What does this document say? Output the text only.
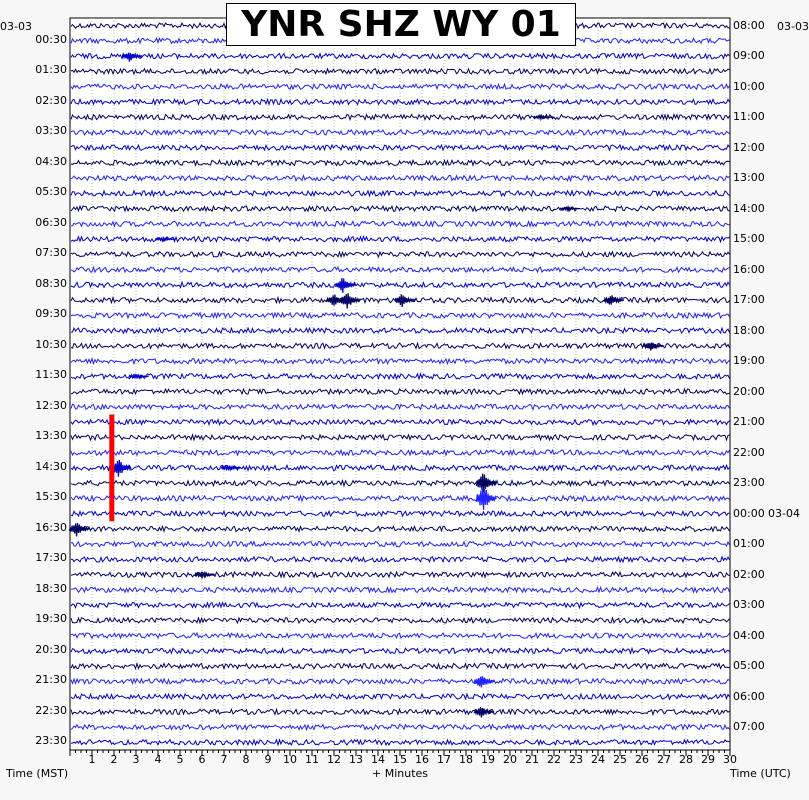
YNR SHZ WY 01
03-03	03-03
00:30
01:30
02:30
03:30
04:30
05:30
06:30
07:30
08:30
09:30
10:30
11:30
12:30
13:30
14:30
15:30
16:30
17:30
18:30
19:30
20:30
21:30
22:30
23:30
08:00
09:00
10:00
11:00
12:00
13:00
14:00
15:00
16:00
17:00
18:00
19:00
20:00
21:00
22:00
23:00
00:00
01:00
02:00
03:00
04:00
05:00
06:00
07:00
03-04
1	2	3	4	5	6	7	8	9	10 11 12 13 14 15 16 17 18 19 20 21 22 23 24 25 26 27 28 29 30
Time (MST)	+ Minutes	Time (UTC)
